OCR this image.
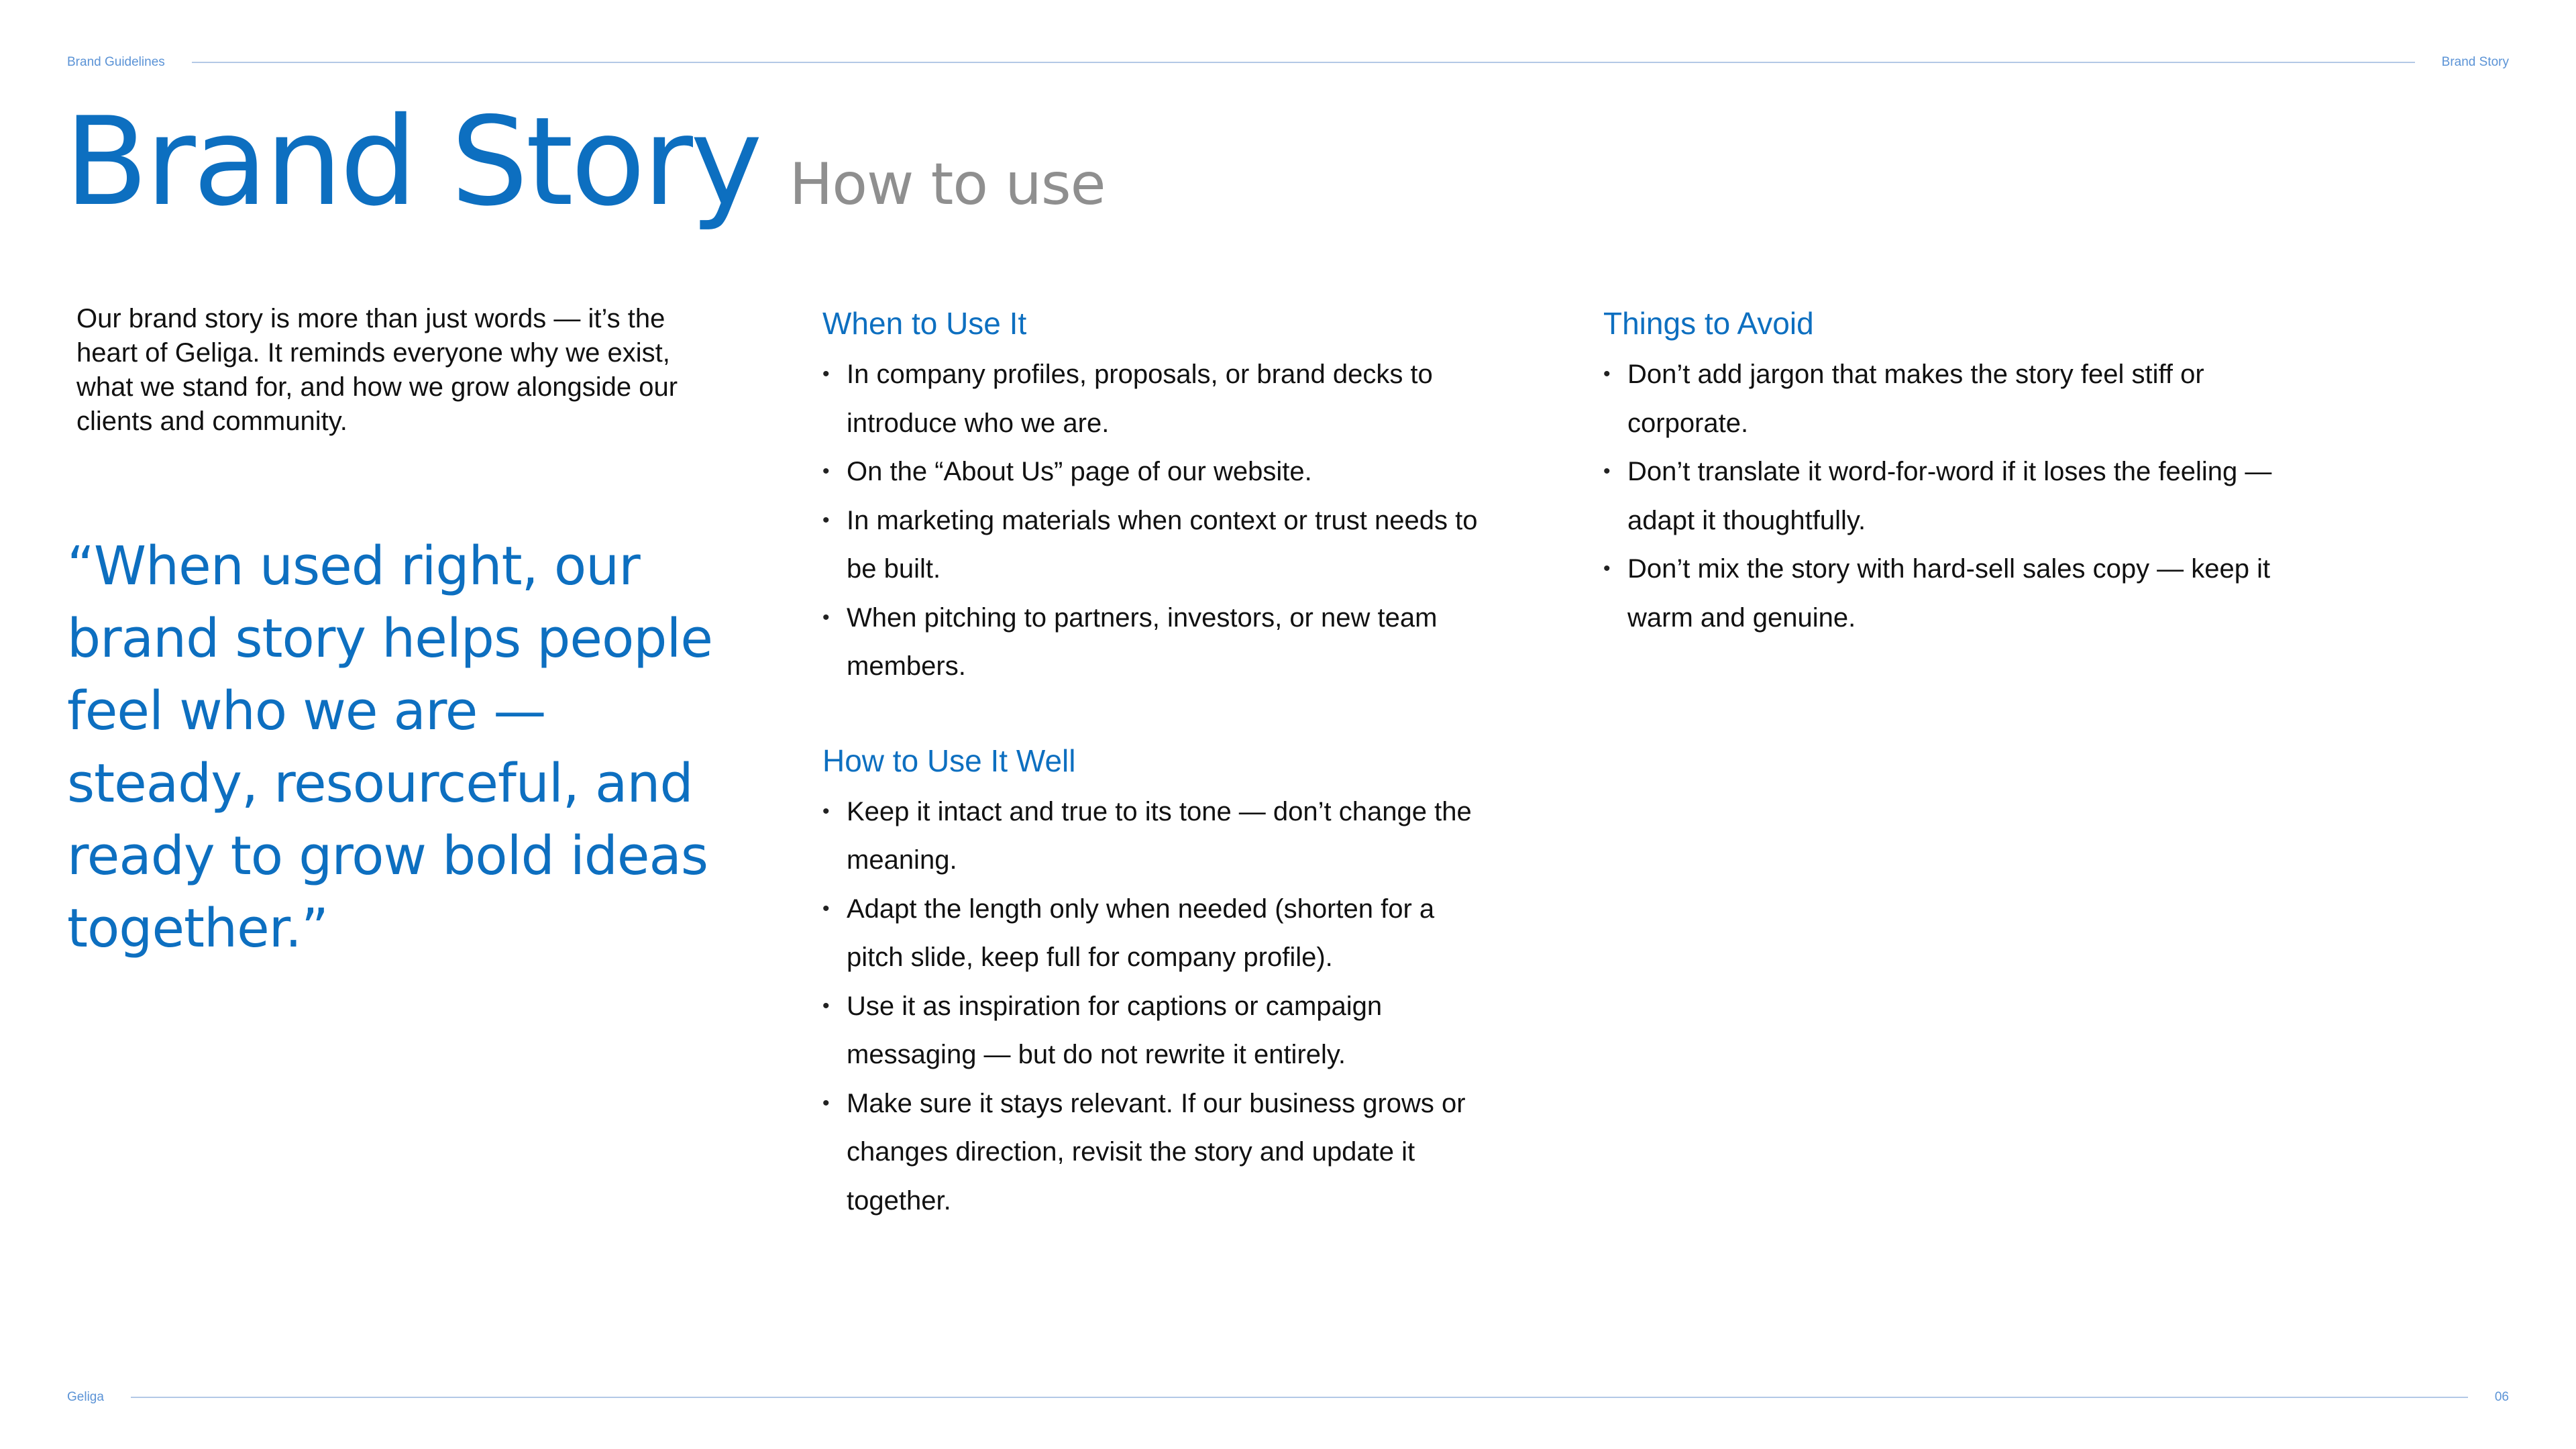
Brand Guidelines	Brand Story
Brand Story How to use

Our brand story is more than just words — it’s the heart of Geliga. It reminds everyone why we exist, what we stand for, and how we grow alongside our clients and community.

“When used right, our brand story helps people feel who we are — steady, resourceful, and ready to grow bold ideas together.”

When to Use It
• In company profiles, proposals, or brand decks to introduce who we are.
• On the “About Us” page of our website.
• In marketing materials when context or trust needs to be built.
• When pitching to partners, investors, or new team members.
How to Use It Well
• Keep it intact and true to its tone — don’t change the meaning.
• Adapt the length only when needed (shorten for a pitch slide, keep full for company profile).
• Use it as inspiration for captions or campaign messaging — but do not rewrite it entirely.
• Make sure it stays relevant. If our business grows or changes direction, revisit the story and update it together.
Things to Avoid
• Don’t add jargon that makes the story feel stiff or corporate.
• Don’t translate it word-for-word if it loses the feeling — adapt it thoughtfully.
• Don’t mix the story with hard-sell sales copy — keep it warm and genuine.
Geliga	06
